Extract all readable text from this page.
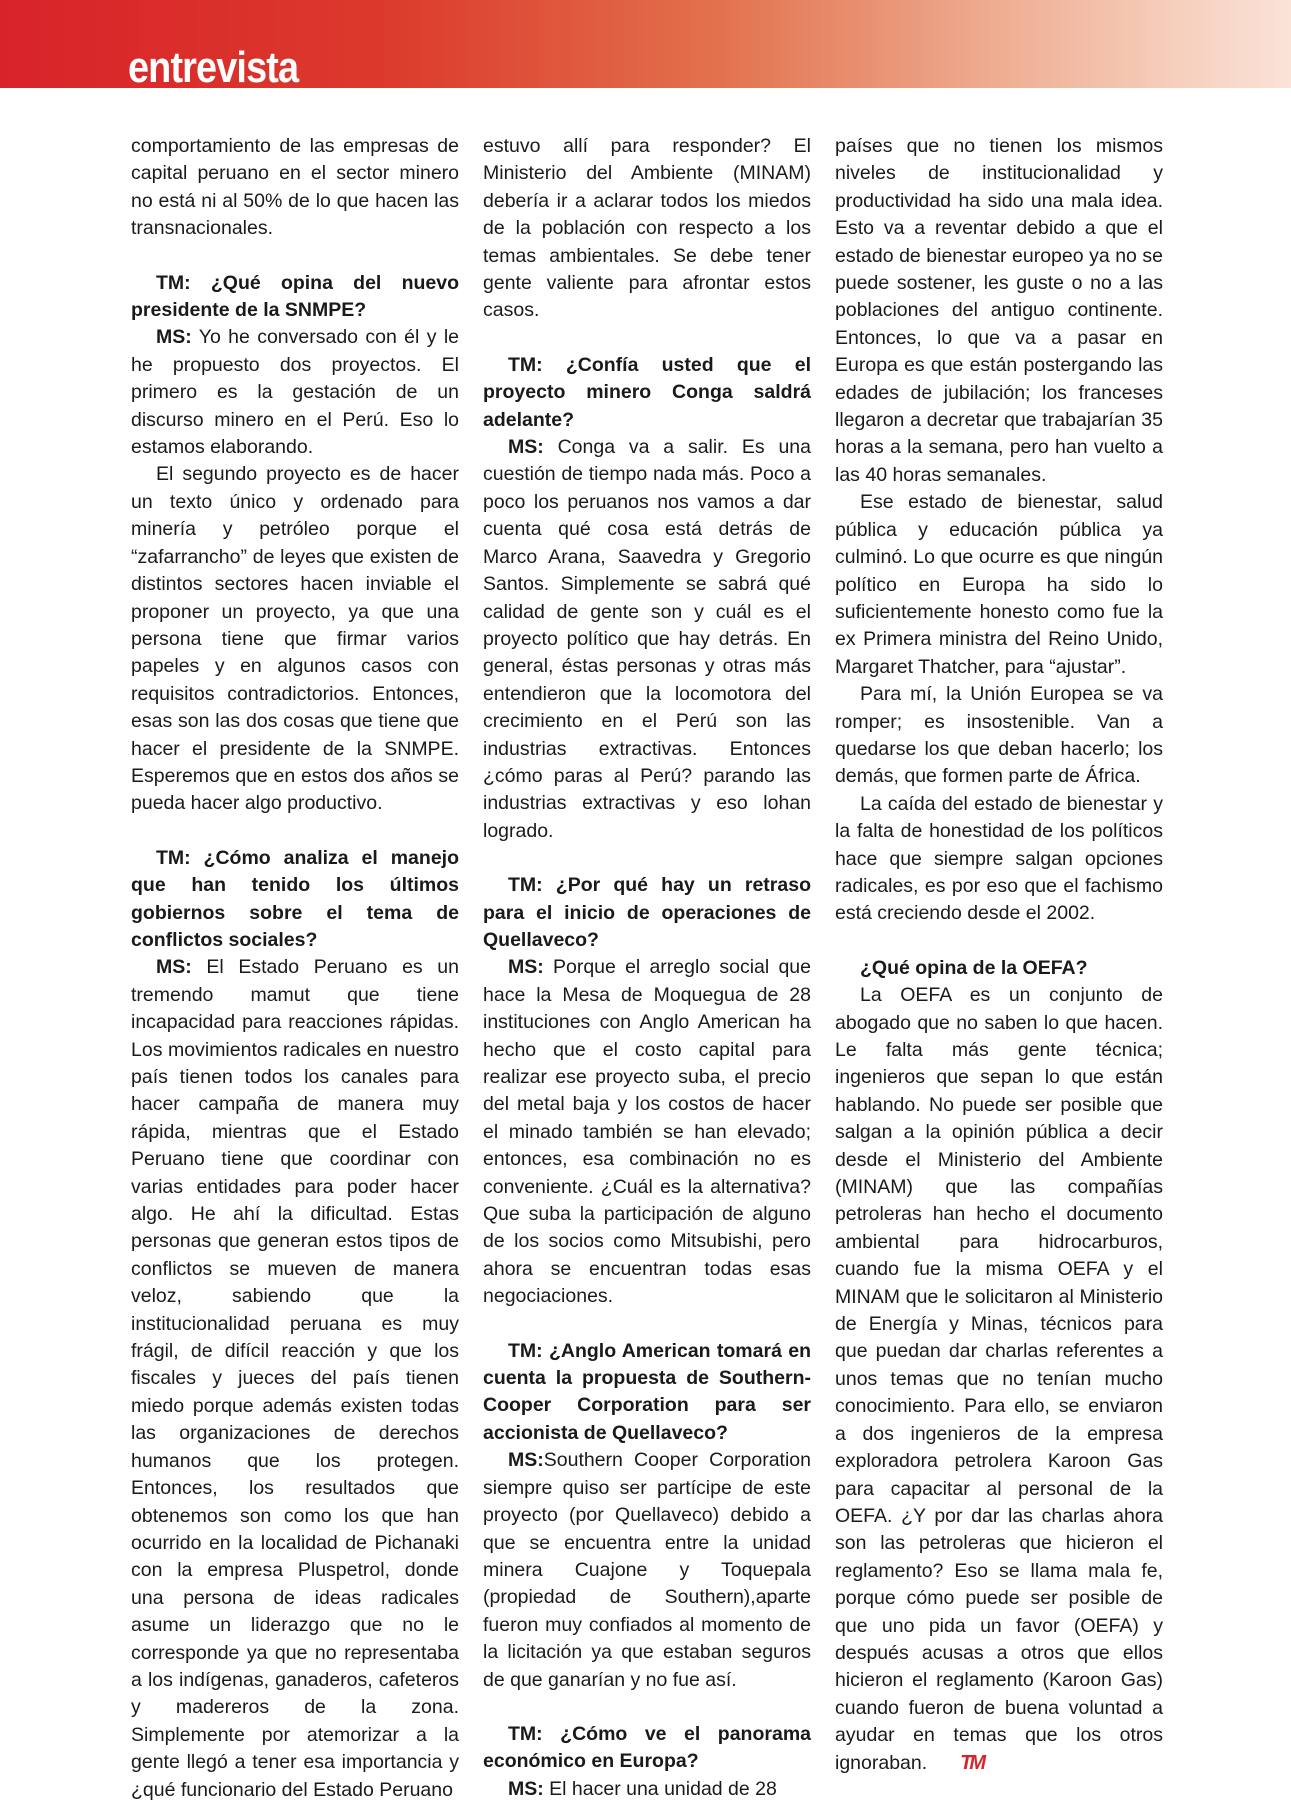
entrevista

comportamiento de las empresas de capital peruano en el sector minero no está ni al 50% de lo que hacen las transnacionales.

TM: ¿Qué opina del nuevo presidente de la SNMPE?

MS: Yo he conversado con él y le he propuesto dos proyectos. El primero es la gestación de un discurso minero en el Perú. Eso lo estamos elaborando.

El segundo proyecto es de hacer un texto único y ordenado para minería y petróleo porque el “zafarrancho” de leyes que existen de distintos sectores hacen inviable el proponer un proyecto, ya que una persona tiene que firmar varios papeles y en algunos casos con requisitos contradictorios. Entonces, esas son las dos cosas que tiene que hacer el presidente de la SNMPE. Esperemos que en estos dos años se pueda hacer algo productivo.

TM: ¿Cómo analiza el manejo que han tenido los últimos gobiernos sobre el tema de conflictos sociales?

MS: El Estado Peruano es un tremendo mamut que tiene incapacidad para reacciones rápidas. Los movimientos radicales en nuestro país tienen todos los canales para hacer campaña de manera muy rápida, mientras que el Estado Peruano tiene que coordinar con varias entidades para poder hacer algo. He ahí la dificultad. Estas personas que generan estos tipos de conflictos se mueven de manera veloz, sabiendo que la institucionalidad peruana es muy frágil, de difícil reacción y que los fiscales y jueces del país tienen miedo porque además existen todas las organizaciones de derechos humanos que los protegen. Entonces, los resultados que obtenemos son como los que han ocurrido en la localidad de Pichanaki con la empresa Pluspetrol, donde una persona de ideas radicales asume un liderazgo que no le corresponde ya que no representaba a los indígenas, ganaderos, cafeteros y madereros de la zona. Simplemente por atemorizar a la gente llegó a tener esa importancia y ¿qué funcionario del Estado Peruano

estuvo allí para responder? El Ministerio del Ambiente (MINAM) debería ir a aclarar todos los miedos de la población con respecto a los temas ambientales. Se debe tener gente valiente para afrontar estos casos.

TM: ¿Confía usted que el proyecto minero Conga saldrá adelante?

MS: Conga va a salir. Es una cuestión de tiempo nada más. Poco a poco los peruanos nos vamos a dar cuenta qué cosa está detrás de Marco Arana, Saavedra y Gregorio Santos. Simplemente se sabrá qué calidad de gente son y cuál es el proyecto político que hay detrás. En general, éstas personas y otras más entendieron que la locomotora del crecimiento en el Perú son las industrias extractivas. Entonces ¿cómo paras al Perú? parando las industrias extractivas y eso lohan logrado.

TM: ¿Por qué hay un retraso para el inicio de operaciones de Quellaveco?

MS: Porque el arreglo social que hace la Mesa de Moquegua de 28 instituciones con Anglo American ha hecho que el costo capital para realizar ese proyecto suba, el precio del metal baja y los costos de hacer el minado también se han elevado; entonces, esa combinación no es conveniente. ¿Cuál es la alternativa? Que suba la participación de alguno de los socios como Mitsubishi, pero ahora se encuentran todas esas negociaciones.

TM: ¿Anglo American tomará en cuenta la propuesta de Southern-Cooper Corporation para ser accionista de Quellaveco?

MS:Southern Cooper Corporation siempre quiso ser partícipe de este proyecto (por Quellaveco) debido a que se encuentra entre la unidad minera Cuajone y Toquepala (propiedad de Southern),aparte fueron muy confiados al momento de la licitación ya que estaban seguros de que ganarían y no fue así.

TM: ¿Cómo ve el panorama económico en Europa?

MS: El hacer una unidad de 28

países que no tienen los mismos niveles de institucionalidad y productividad ha sido una mala idea. Esto va a reventar debido a que el estado de bienestar europeo ya no se puede sostener, les guste o no a las poblaciones del antiguo continente. Entonces, lo que va a pasar en Europa es que están postergando las edades de jubilación; los franceses llegaron a decretar que trabajarían 35 horas a la semana, pero han vuelto a las 40 horas semanales.

Ese estado de bienestar, salud pública y educación pública ya culminó. Lo que ocurre es que ningún político en Europa ha sido lo suficientemente honesto como fue la ex Primera ministra del Reino Unido, Margaret Thatcher, para “ajustar”.

Para mí, la Unión Europea se va romper; es insostenible. Van a quedarse los que deban hacerlo; los demás, que formen parte de África.

La caída del estado de bienestar y la falta de honestidad de los políticos hace que siempre salgan opciones radicales, es por eso que el fachismo está creciendo desde el 2002.

¿Qué opina de la OEFA?

La OEFA es un conjunto de abogado que no saben lo que hacen. Le falta más gente técnica; ingenieros que sepan lo que están hablando. No puede ser posible que salgan a la opinión pública a decir desde el Ministerio del Ambiente (MINAM) que las compañías petroleras han hecho el documento ambiental para hidrocarburos, cuando fue la misma OEFA y el MINAM que le solicitaron al Ministerio de Energía y Minas, técnicos para que puedan dar charlas referentes a unos temas que no tenían mucho conocimiento. Para ello, se enviaron a dos ingenieros de la empresa exploradora petrolera Karoon Gas para capacitar al personal de la OEFA. ¿Y por dar las charlas ahora son las petroleras que hicieron el reglamento? Eso se llama mala fe, porque cómo puede ser posible de que uno pida un favor (OEFA) y después acusas a otros que ellos hicieron el reglamento (Karoon Gas) cuando fueron de buena voluntad a ayudar en temas que los otros ignoraban. TM
